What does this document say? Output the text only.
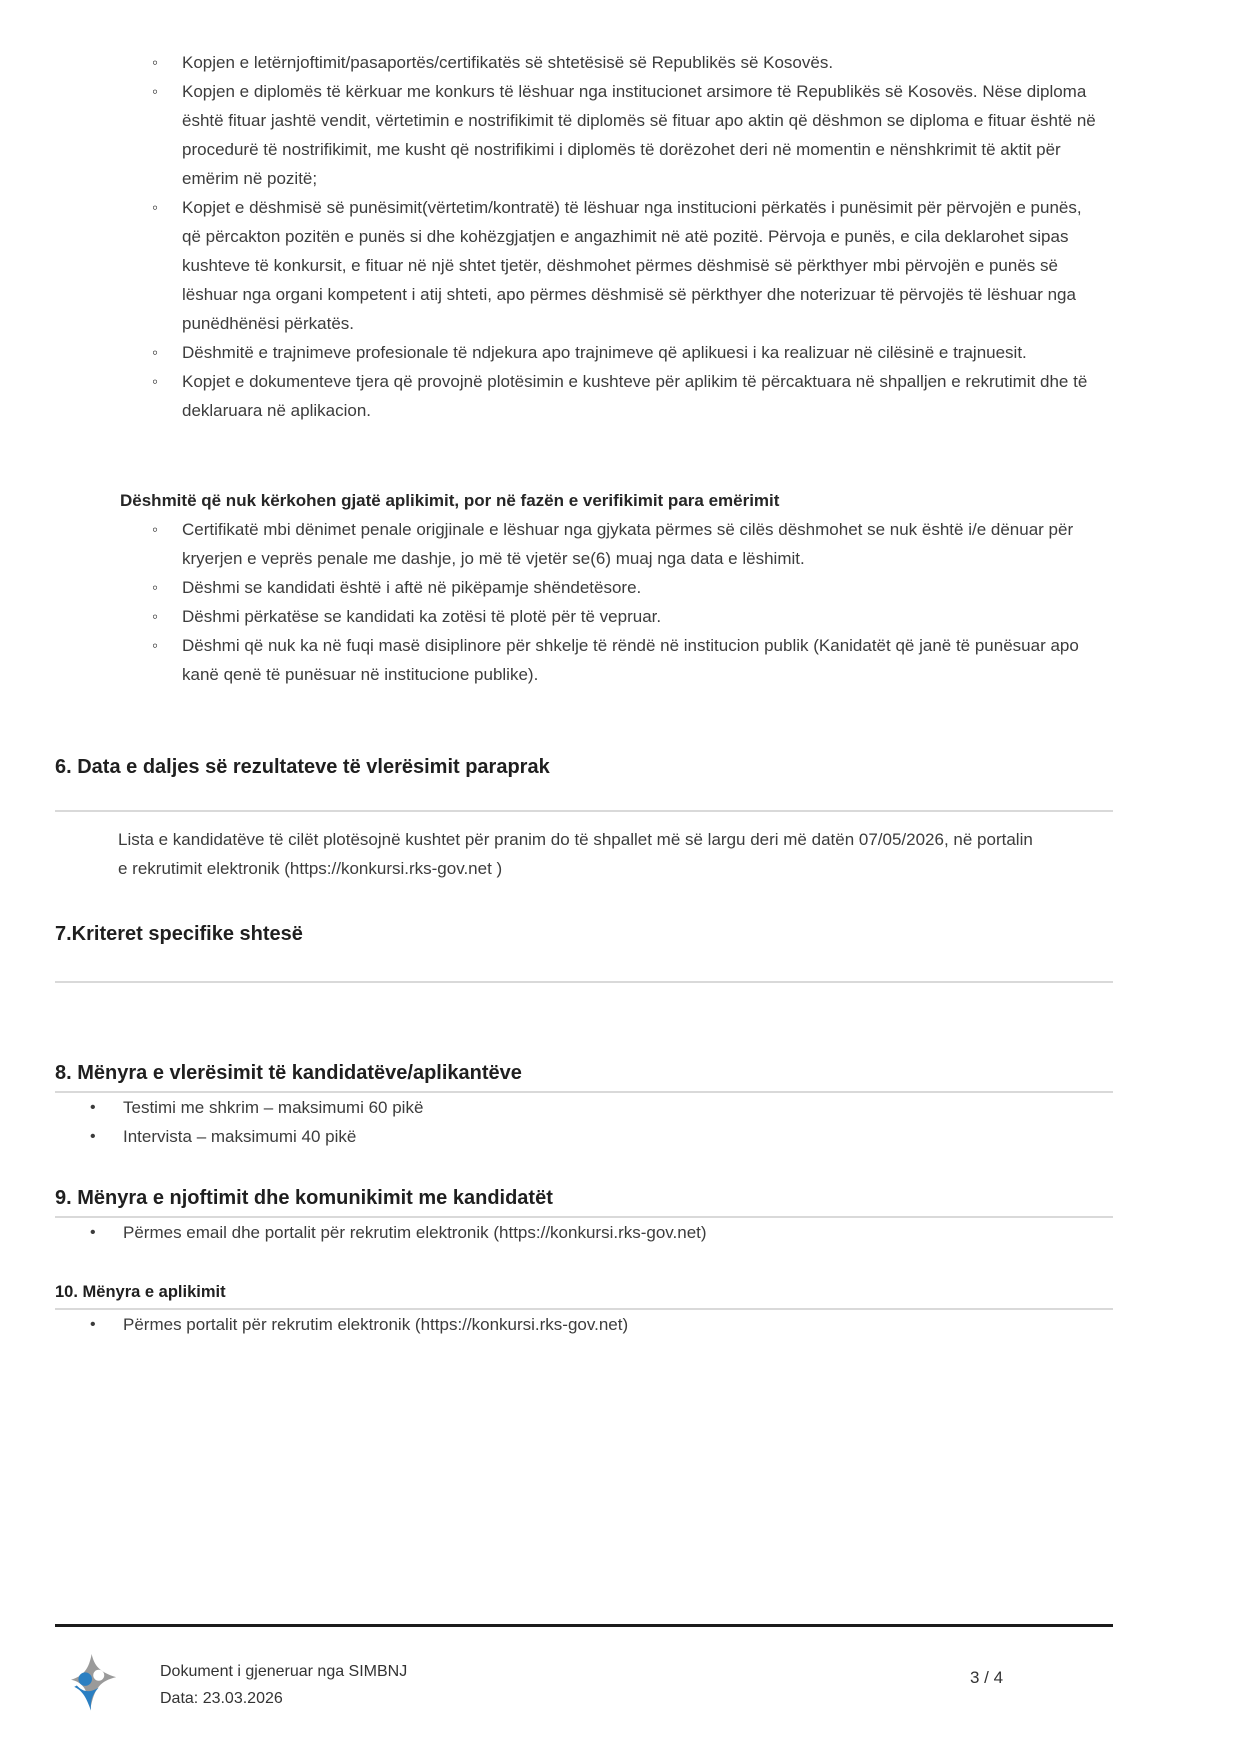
◦ Kopjen e letërnjoftimit/pasaportës/certifikatës së shtetësisë së Republikës së Kosovës.
◦ Kopjen e diplomës të kërkuar me konkurs të lëshuar nga institucionet arsimore të Republikës së Kosovës. Nëse diploma është fituar jashtë vendit, vërtetimin e nostrifikimit të diplomës së fituar apo aktin që dëshmon se diploma e fituar është në procedurë të nostrifikimit, me kusht që nostrifikimi i diplomës të dorëzohet deri në momentin e nënshkrimit të aktit për emërim në pozitë;
◦ Kopjet e dëshmisë së punësimit(vërtetim/kontratë) të lëshuar nga institucioni përkatës i punësimit për përvojën e punës, që përcakton pozitën e punës si dhe kohëzgjatjen e angazhimit në atë pozitë. Përvoja e punës, e cila deklarohet sipas kushteve të konkursit, e fituar në një shtet tjetër, dëshmohet përmes dëshmisë së përkthyer mbi përvojën e punës së lëshuar nga organi kompetent i atij shteti, apo përmes dëshmisë së përkthyer dhe noterizuar të përvojës të lëshuar nga punëdhënësi përkatës.
◦ Dëshmitë e trajnimeve profesionale të ndjekura apo trajnimeve që aplikuesi i ka realizuar në cilësinë e trajnuesit.
◦ Kopjet e dokumenteve tjera që provojnë plotësimin e kushteve për aplikim të përcaktuara në shpalljen e rekrutimit dhe të deklaruara në aplikacion.

Dëshmitë që nuk kërkohen gjatë aplikimit, por në fazën e verifikimit para emërimit

◦ Certifikatë mbi dënimet penale origjinale e lëshuar nga gjykata përmes së cilës dëshmohet se nuk është i/e dënuar për kryerjen e veprës penale me dashje, jo më të vjetër se(6) muaj nga data e lëshimit.
◦ Dëshmi se kandidati është i aftë në pikëpamje shëndetësore.
◦ Dëshmi përkatëse se kandidati ka zotësi të plotë për të vepruar.
◦ Dëshmi që nuk ka në fuqi masë disiplinore për shkelje të rëndë në institucion publik (Kanidatët që janë të punësuar apo kanë qenë të punësuar në institucione publike).
6. Data e daljes së rezultateve të vlerësimit paraprak

Lista e kandidatëve të cilët plotësojnë kushtet për pranim do të shpallet më së largu deri më datën 07/05/2026, në portalin e rekrutimit elektronik (https://konkursi.rks-gov.net )

7.Kriteret specifike shtesë
8. Mënyra e vlerësimit të kandidatëve/aplikantëve
• Testimi me shkrim – maksimumi 60 pikë
• Intervista – maksimumi 40 pikë
9. Mënyra e njoftimit dhe komunikimit me kandidatët
• Përmes email dhe portalit për rekrutim elektronik (https://konkursi.rks-gov.net)
10. Mënyra e aplikimit
• Përmes portalit për rekrutim elektronik (https://konkursi.rks-gov.net)
Dokument i gjeneruar nga SIMBNJ
Data: 23.03.2026
3 / 4
